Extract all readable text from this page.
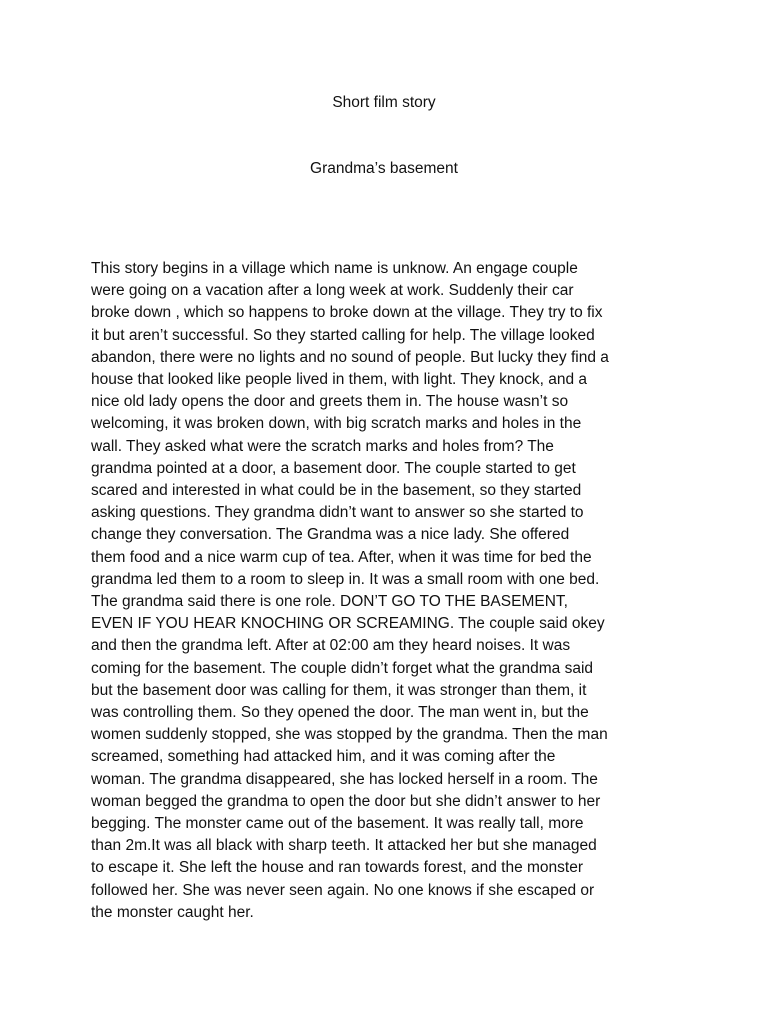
Short film story
Grandma’s basement
This story begins in a village which name is unknow. An engage couple
were going on a vacation after a long week at work. Suddenly their car
broke down , which so happens to broke down at the village. They try to fix
it but aren’t successful. So they started calling for help. The village looked
abandon, there were no lights and no sound of people. But lucky they find a
house that looked like people lived in them, with light. They knock, and a
nice old lady opens the door and greets them in. The house wasn’t so
welcoming, it was broken down, with big scratch marks and holes in the
wall. They asked what were the scratch marks and holes from? The
grandma pointed at a door, a basement door. The couple started to get
scared and interested in what could be in the basement, so they started
asking questions. They grandma didn’t want to answer so she started to
change they conversation. The Grandma was a nice lady. She offered
them food and a nice warm cup of tea. After, when it was time for bed the
grandma led them to a room to sleep in. It was a small room with one bed.
The grandma said there is one role. DON’T GO TO THE BASEMENT,
EVEN IF YOU HEAR KNOCHING OR SCREAMING. The couple said okey
and then the grandma left. After at 02:00 am they heard noises. It was
coming for the basement. The couple didn’t forget what the grandma said
but the basement door was calling for them, it was stronger than them, it
was controlling them. So they opened the door. The man went in, but the
women suddenly stopped, she was stopped by the grandma. Then the man
screamed, something had attacked him, and it was coming after the
woman. The grandma disappeared, she has locked herself in a room. The
woman begged the grandma to open the door but she didn’t answer to her
begging. The monster came out of the basement. It was really tall, more
than 2m.It was all black with sharp teeth. It attacked her but she managed
to escape it. She left the house and ran towards forest, and the monster
followed her. She was never seen again. No one knows if she escaped or
the monster caught her.
